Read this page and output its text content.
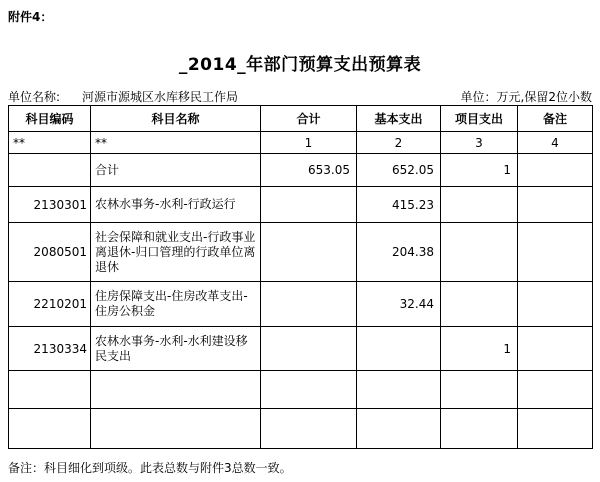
附件4：
_2014_年部门预算支出预算表
单位名称: 河源市源城区水库移民工作局	单位：万元,保留2位小数
科目编码	科目名称	合计	基本支出	项目支出	备注
**	**	1	2	3	4
	合计	653.05	652.05	1	
2130301	农林水事务-水利-行政运行		415.23		
2080501	社会保障和就业支出-行政事业离退休-归口管理的行政单位离退休		204.38		
2210201	住房保障支出-住房改革支出-住房公积金		32.44		
2130334	农林水事务-水利-水利建设移民支出			1	

备注：科目细化到项级。此表总数与附件3总数一致。
